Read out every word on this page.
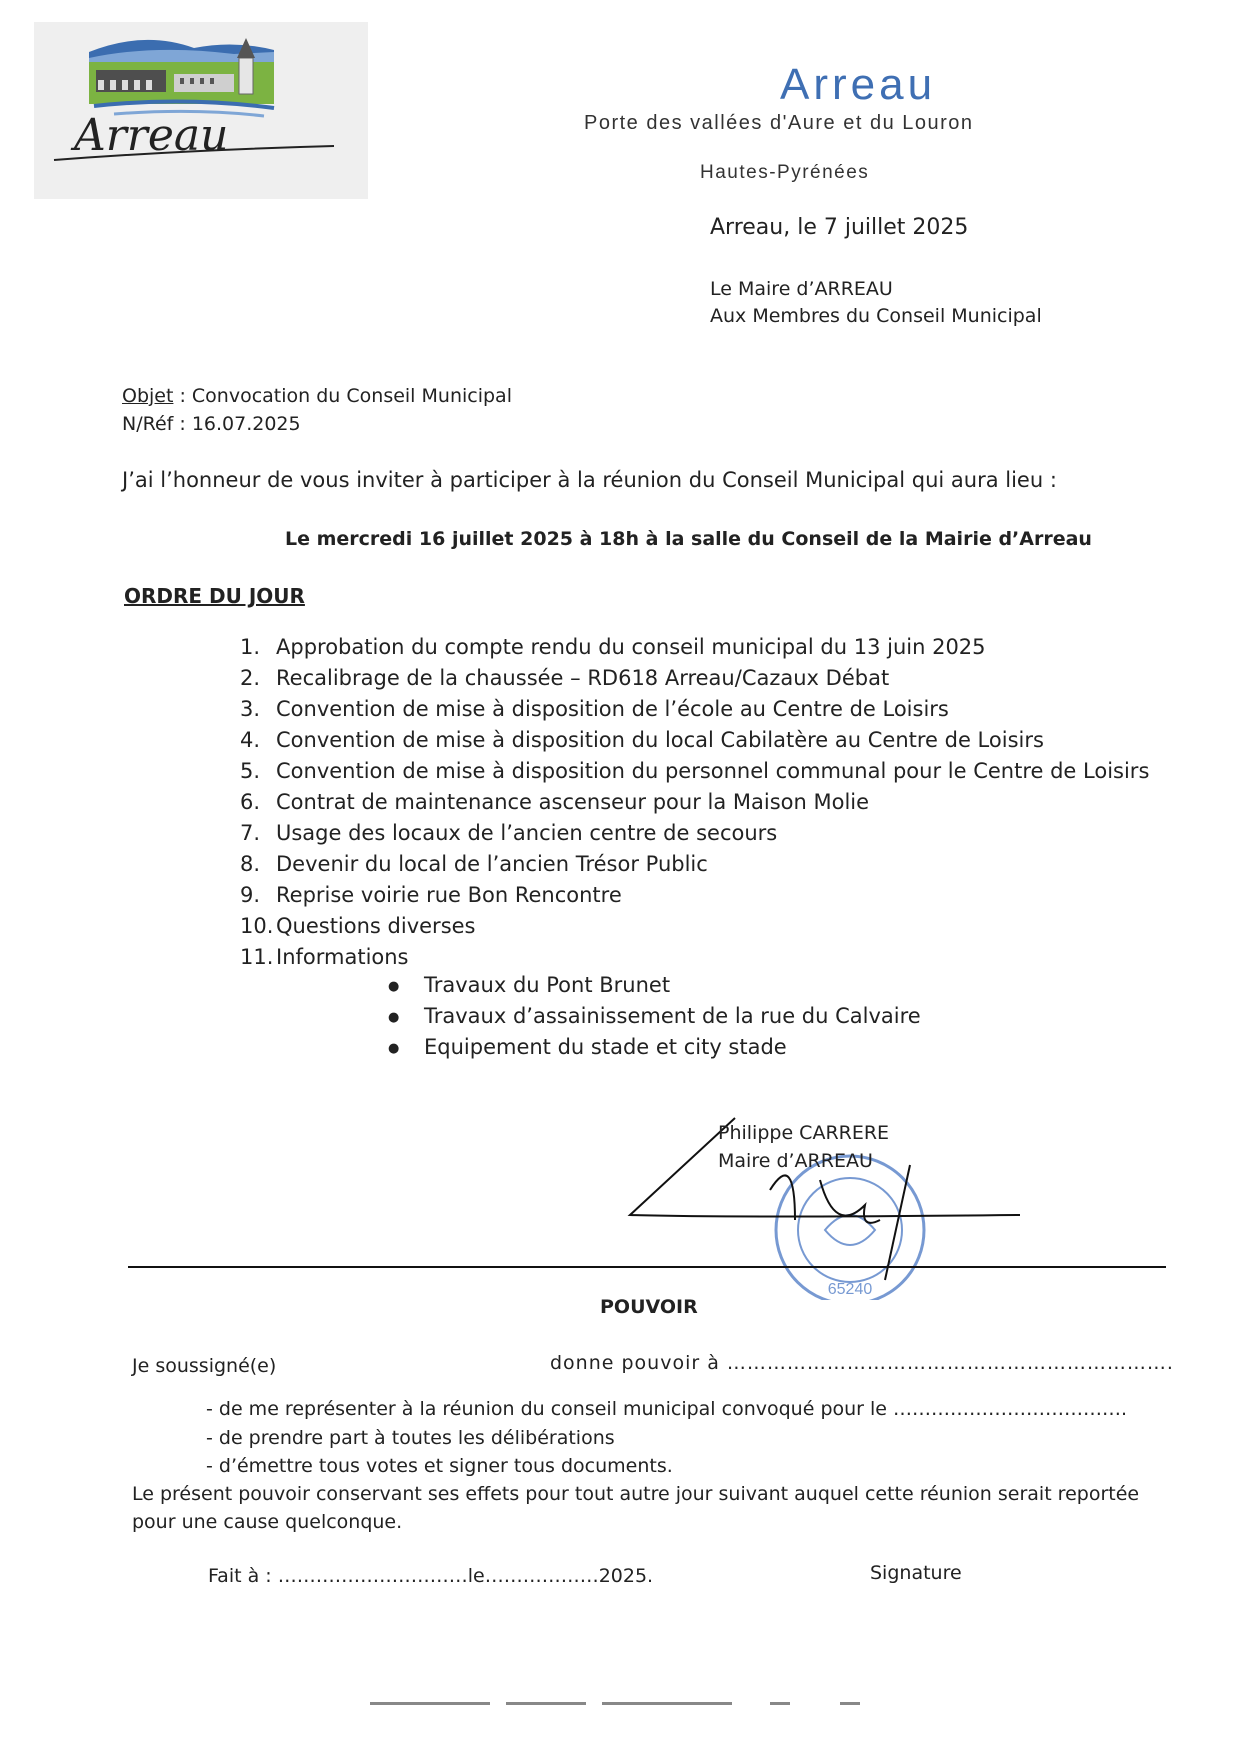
Arreau
Arreau
Porte des vallées d'Aure et du Louron
Hautes-Pyrénées
Arreau, le 7 juillet 2025
Le Maire d’ARREAU
Aux Membres du Conseil Municipal
Objet : Convocation du Conseil Municipal
N/Réf : 16.07.2025
J’ai l’honneur de vous inviter à participer à la réunion du Conseil Municipal qui aura lieu :
Le mercredi 16 juillet 2025 à 18h à la salle du Conseil de la Mairie d’Arreau
ORDRE DU JOUR
1. Approbation du compte rendu du conseil municipal du 13 juin 2025
2. Recalibrage de la chaussée – RD618 Arreau/Cazaux Débat
3. Convention de mise à disposition de l’école au Centre de Loisirs
4. Convention de mise à disposition du local Cabilatère au Centre de Loisirs
5. Convention de mise à disposition du personnel communal pour le Centre de Loisirs
6. Contrat de maintenance ascenseur pour la Maison Molie
7. Usage des locaux de l’ancien centre de secours
8. Devenir du local de l’ancien Trésor Public
9. Reprise voirie rue Bon Rencontre
10. Questions diverses
11. Informations
● Travaux du Pont Brunet
● Travaux d’assainissement de la rue du Calvaire
● Equipement du stade et city stade
65240
Philippe CARRERE
Maire d’ARREAU
POUVOIR
Je soussigné(e)	donne pouvoir à ………………………………………………………….
- de me représenter à la réunion du conseil municipal convoqué pour le ……………………………….
- de prendre part à toutes les délibérations
- d’émettre tous votes et signer tous documents.
Le présent pouvoir conservant ses effets pour tout autre jour suivant auquel cette réunion serait reportée
pour une cause quelconque.
Fait à : …………………………le………………2025.	Signature
